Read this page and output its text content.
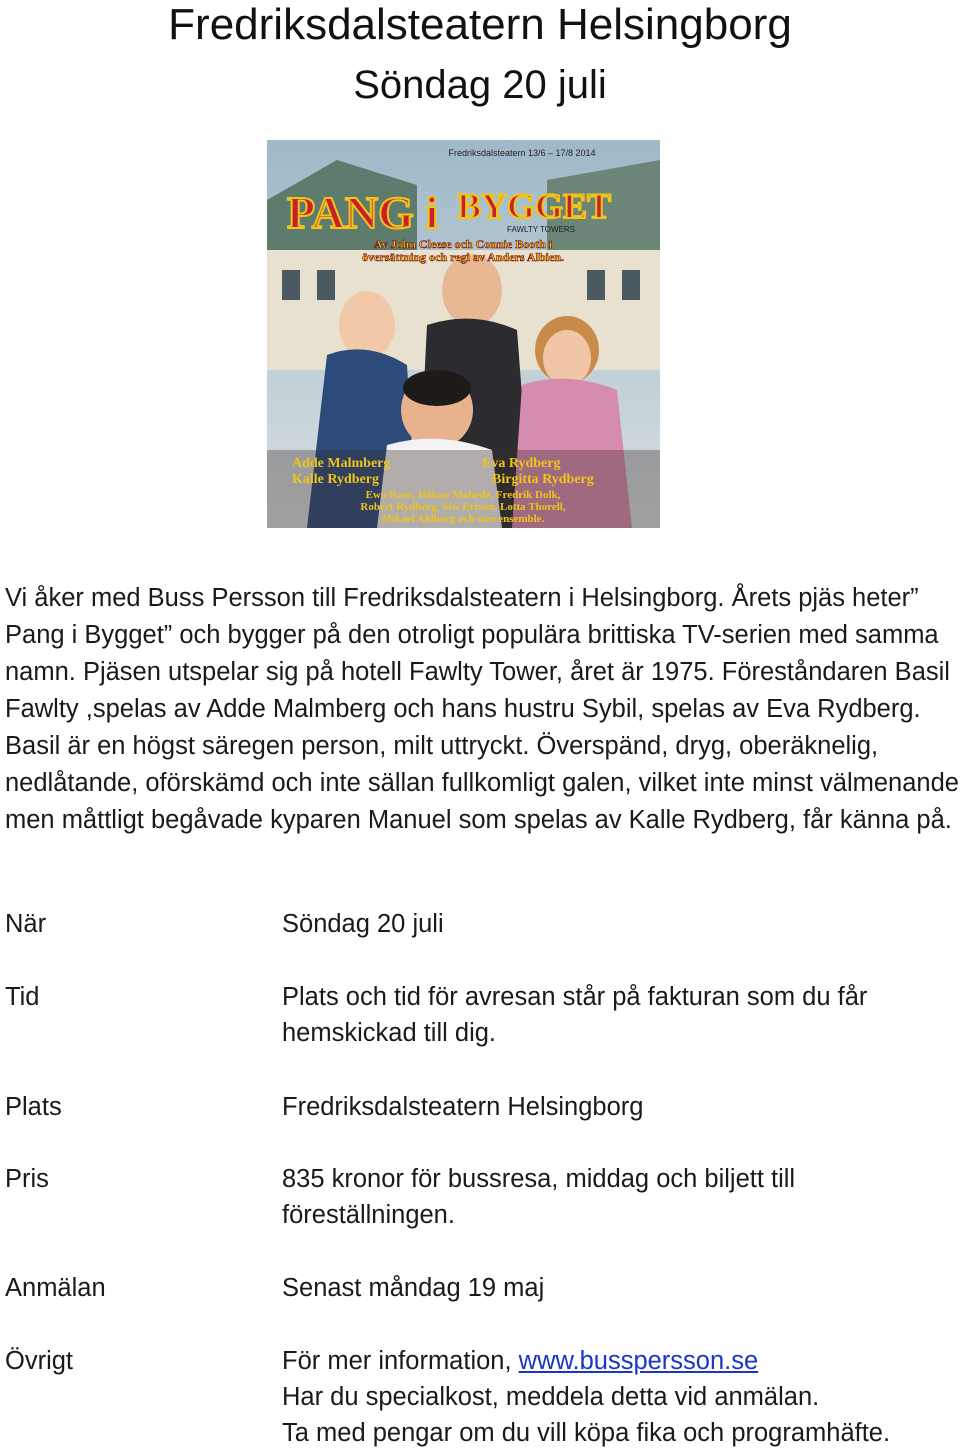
Fredriksdalsteatern Helsingborg
Söndag 20 juli
Fredriksdalsteatern 13/6 – 17/8 2014
PANG i BYGGET
FAWLTY TOWERS
Av John Cleese och Connie Booth i
översättning och regi av Anders Albien.
Adde Malmberg	Eva Rydberg
Kalle Rydberg	Birgitta Rydberg
Ewa Roos, Håkan Mohede, Fredrik Dolk,
Robert Rydberg, Siw Erixon, Lotta Thorell,
Mikael Ahlberg och stor ensemble.

Vi åker med Buss Persson till Fredriksdalsteatern i Helsingborg. Årets pjäs heter” Pang i Bygget” och bygger på den otroligt populära brittiska TV-serien med samma namn. Pjäsen utspelar sig på hotell Fawlty Tower, året är 1975. Föreståndaren Basil Fawlty ,spelas av Adde Malmberg och hans hustru Sybil, spelas av Eva Rydberg. Basil är en högst säregen person, milt uttryckt. Överspänd, dryg, oberäknelig, nedlåtande, oförskämd och inte sällan fullkomligt galen, vilket inte minst välmenande men måttligt begåvade kyparen Manuel som spelas av Kalle Rydberg, får känna på.

När	Söndag 20 juli
Tid	Plats och tid för avresan står på fakturan som du får
hemskickad till dig.
Plats	Fredriksdalsteatern Helsingborg
Pris	835 kronor för bussresa, middag och biljett till
föreställningen.
Anmälan	Senast måndag 19 maj
Övrigt	För mer information, www.busspersson.se
Har du specialkost, meddela detta vid anmälan.
Ta med pengar om du vill köpa fika och programhäfte.
